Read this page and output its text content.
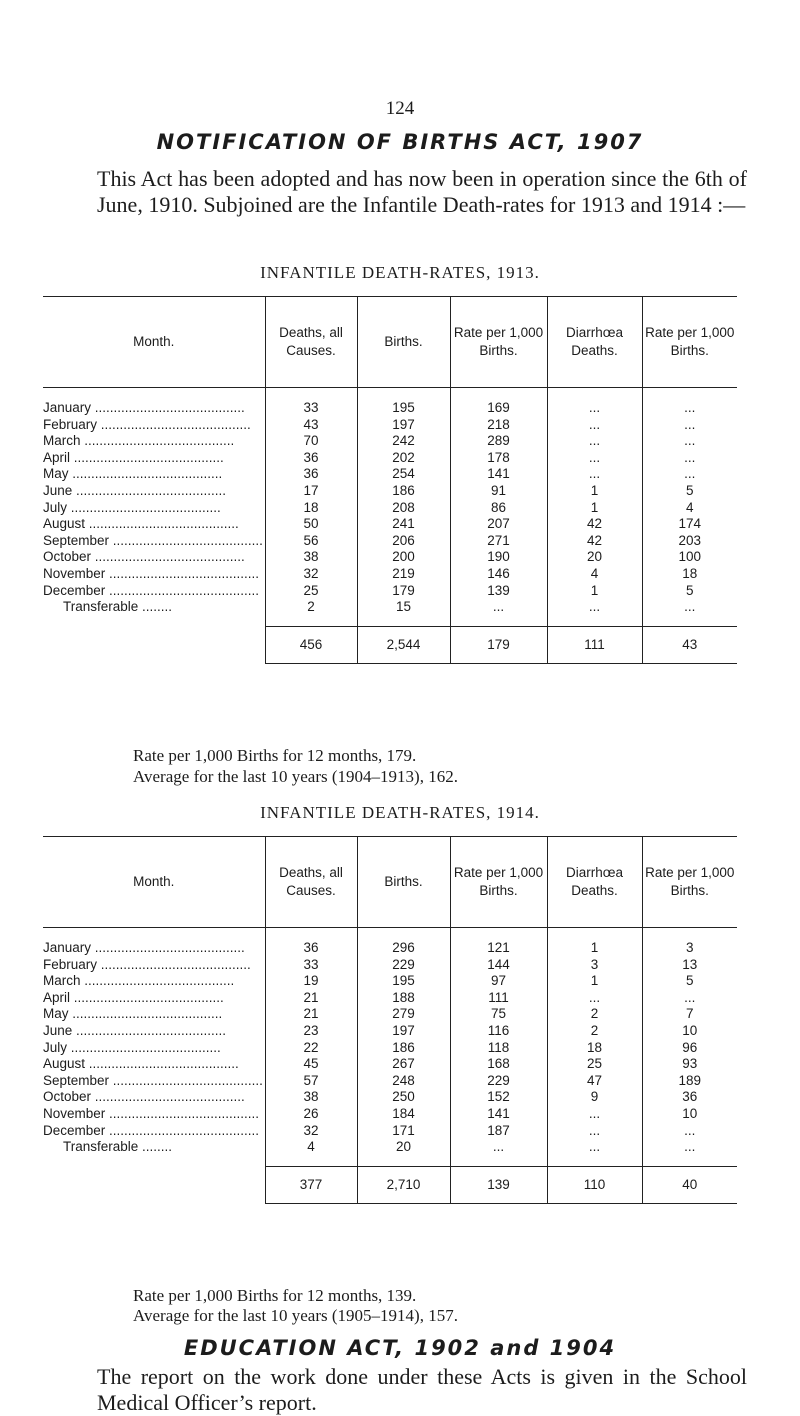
124
NOTIFICATION OF BIRTHS ACT, 1907
This Act has been adopted and has now been in operation since the 6th of June, 1910. Subjoined are the Infantile Death-rates for 1913 and 1914 :—
INFANTILE DEATH-RATES, 1913.
Month.	Deaths, all Causes.	Births.	Rate per 1,000 Births.	Diarrhœa Deaths.	Rate per 1,000 Births.
January ........................................	33	195	169	...	...
February ........................................	43	197	218	...	...
March ........................................	70	242	289	...	...
April ........................................	36	202	178	...	...
May ........................................	36	254	141	...	...
June ........................................	17	186	91	1	5
July ........................................	18	208	86	1	4
August ........................................	50	241	207	42	174
September ........................................	56	206	271	42	203
October ........................................	38	200	190	20	100
November ........................................	32	219	146	4	18
December ........................................	25	179	139	1	5
Transferable ........	2	15	...	...	...
	456	2,544	179	111	43
Rate per 1,000 Births for 12 months, 179.
Average for the last 10 years (1904–1913), 162.
INFANTILE DEATH-RATES, 1914.
Month.	Deaths, all Causes.	Births.	Rate per 1,000 Births.	Diarrhœa Deaths.	Rate per 1,000 Births.
January ........................................	36	296	121	1	3
February ........................................	33	229	144	3	13
March ........................................	19	195	97	1	5
April ........................................	21	188	111	...	...
May ........................................	21	279	75	2	7
June ........................................	23	197	116	2	10
July ........................................	22	186	118	18	96
August ........................................	45	267	168	25	93
September ........................................	57	248	229	47	189
October ........................................	38	250	152	9	36
November ........................................	26	184	141	...	10
December ........................................	32	171	187	...	...
Transferable ........	4	20	...	...	...
	377	2,710	139	110	40
Rate per 1,000 Births for 12 months, 139.
Average for the last 10 years (1905–1914), 157.
EDUCATION ACT, 1902 and 1904
The report on the work done under these Acts is given in the School Medical Officer’s report.
